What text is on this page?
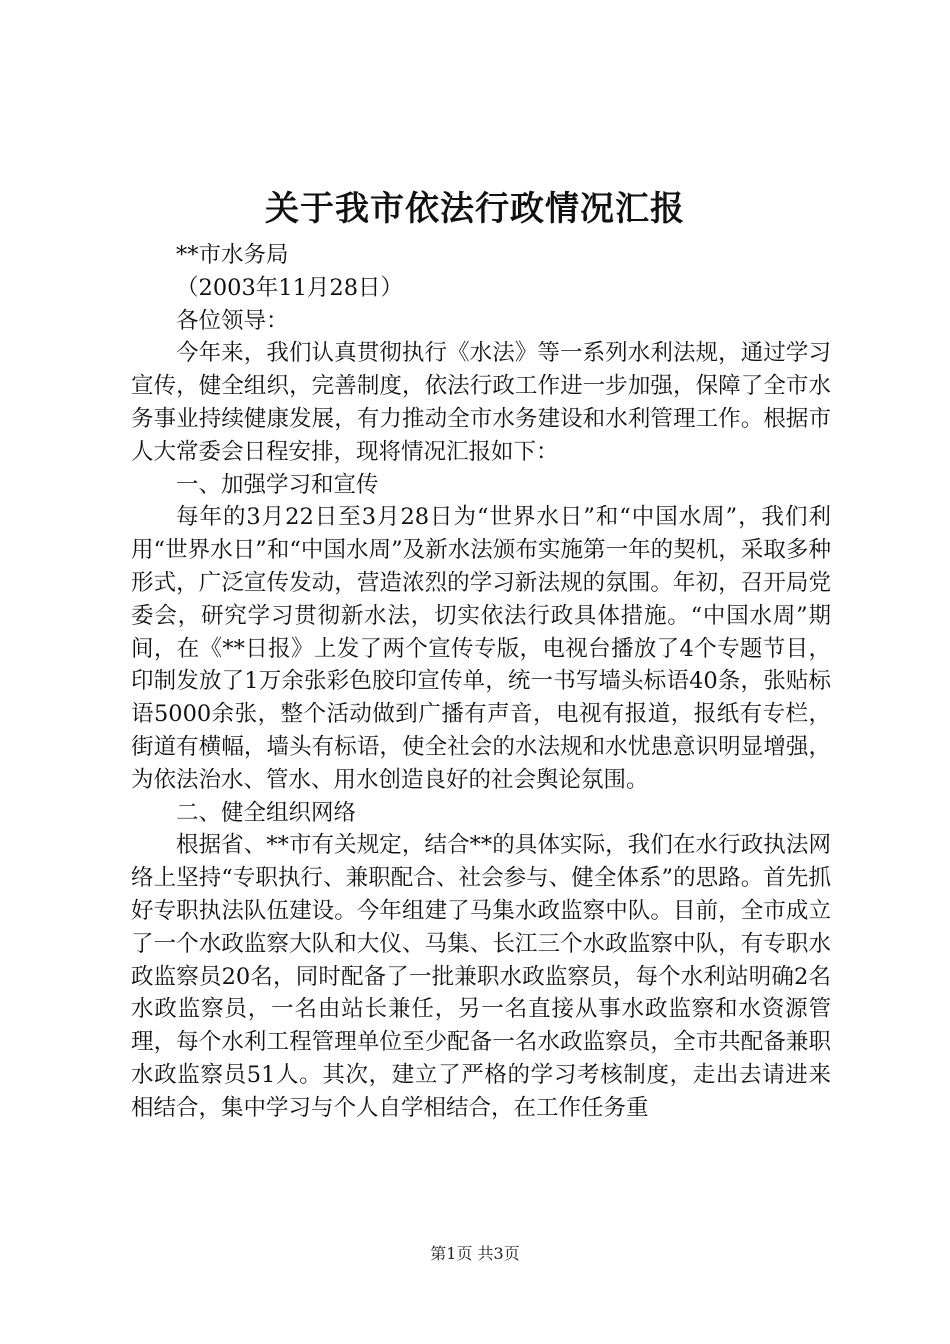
关于我市依法行政情况汇报

**市水务局

（2003年11月28日）

各位领导：

今年来，我们认真贯彻执行《水法》等一系列水利法规，通过学习宣传，健全组织，完善制度，依法行政工作进一步加强，保障了全市水务事业持续健康发展，有力推动全市水务建设和水利管理工作。根据市人大常委会日程安排，现将情况汇报如下：

一、加强学习和宣传

每年的3月22日至3月28日为“世界水日”和“中国水周”，我们利用“世界水日”和“中国水周”及新水法颁布实施第一年的契机，采取多种形式，广泛宣传发动，营造浓烈的学习新法规的氛围。年初，召开局党委会，研究学习贯彻新水法，切实依法行政具体措施。“中国水周”期间，在《**日报》上发了两个宣传专版，电视台播放了4个专题节目，印制发放了1万余张彩色胶印宣传单，统一书写墙头标语40条，张贴标语5000余张，整个活动做到广播有声音，电视有报道，报纸有专栏，街道有横幅，墙头有标语，使全社会的水法规和水忧患意识明显增强，为依法治水、管水、用水创造良好的社会舆论氛围。

二、健全组织网络

根据省、**市有关规定，结合**的具体实际，我们在水行政执法网络上坚持“专职执行、兼职配合、社会参与、健全体系”的思路。首先抓好专职执法队伍建设。今年组建了马集水政监察中队。目前，全市成立了一个水政监察大队和大仪、马集、长江三个水政监察中队，有专职水政监察员20名，同时配备了一批兼职水政监察员，每个水利站明确2名水政监察员，一名由站长兼任，另一名直接从事水政监察和水资源管理，每个水利工程管理单位至少配备一名水政监察员，全市共配备兼职水政监察员51人。其次，建立了严格的学习考核制度，走出去请进来相结合，集中学习与个人自学相结合，在工作任务重

第1页 共3页
